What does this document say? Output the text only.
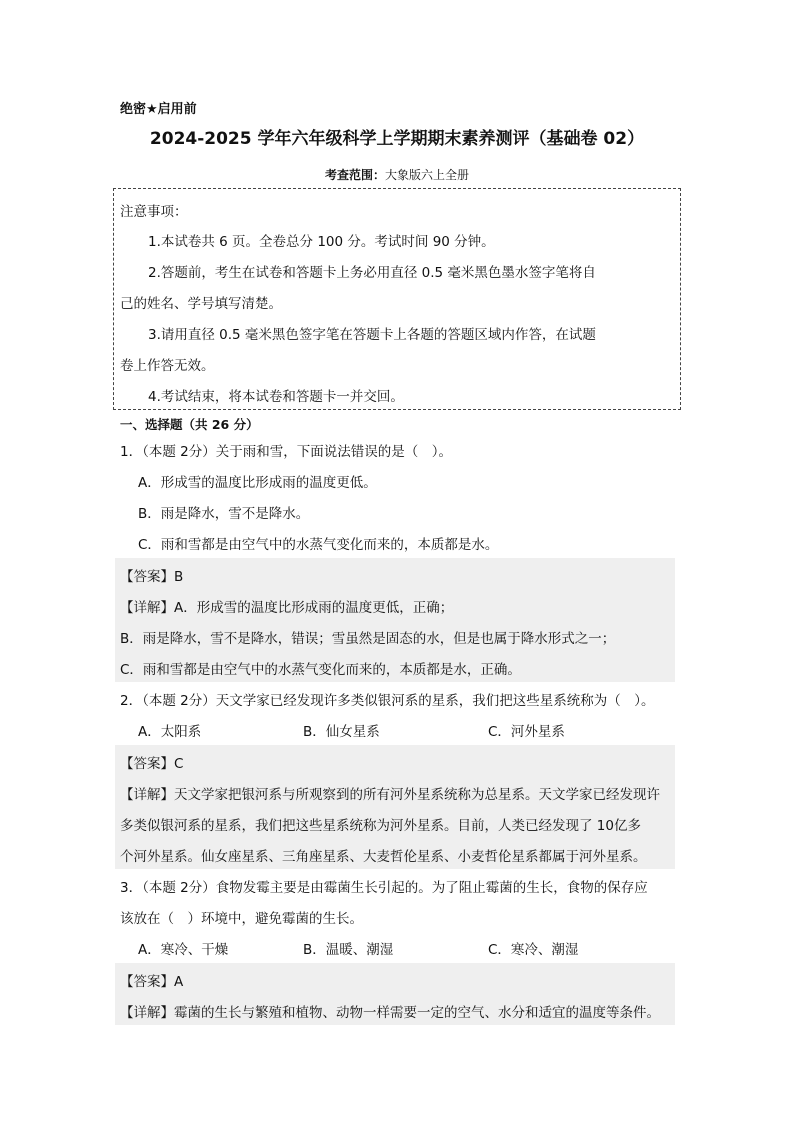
绝密★启用前
2024-2025 学年六年级科学上学期期末素养测评（基础卷 02）
考查范围：大象版六上全册
注意事项：
1.本试卷共 6 页。全卷总分 100 分。考试时间 90 分钟。
2.答题前，考生在试卷和答题卡上务必用直径 0.5 毫米黑色墨水签字笔将自
己的姓名、学号填写清楚。
3.请用直径 0.5 毫米黑色签字笔在答题卡上各题的答题区域内作答，在试题
卷上作答无效。
4.考试结束，将本试卷和答题卡一并交回。
一、选择题（共 26 分）
1．（本题 2分）关于雨和雪，下面说法错误的是（　）。
A．形成雪的温度比形成雨的温度更低。
B．雨是降水，雪不是降水。
C．雨和雪都是由空气中的水蒸气变化而来的，本质都是水。
【答案】B
【详解】A．形成雪的温度比形成雨的温度更低，正确；
B．雨是降水，雪不是降水，错误；雪虽然是固态的水，但是也属于降水形式之一；
C．雨和雪都是由空气中的水蒸气变化而来的，本质都是水，正确。
2．（本题 2分）天文学家已经发现许多类似银河系的星系，我们把这些星系统称为（　）。
A．太阳系	B．仙女星系	C．河外星系
【答案】C
【详解】天文学家把银河系与所观察到的所有河外星系统称为总星系。天文学家已经发现许
多类似银河系的星系，我们把这些星系统称为河外星系。目前，人类已经发现了 10亿多
个河外星系。仙女座星系、三角座星系、大麦哲伦星系、小麦哲伦星系都属于河外星系。
3．（本题 2分）食物发霉主要是由霉菌生长引起的。为了阻止霉菌的生长，食物的保存应
该放在（　）环境中，避免霉菌的生长。
A．寒冷、干燥	B．温暖、潮湿	C．寒冷、潮湿
【答案】A
【详解】霉菌的生长与繁殖和植物、动物一样需要一定的空气、水分和适宜的温度等条件。
